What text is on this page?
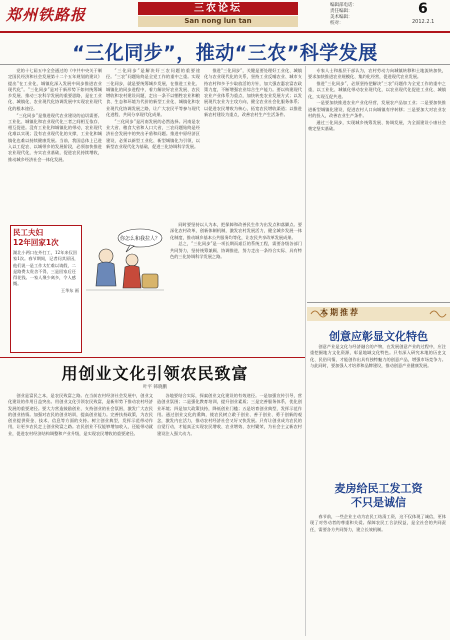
郑州铁路报	三农论坛
San nong lun tan
编辑部电话：
责任编辑：
美术编辑：
校对：
6
2012.2.1
“三化同步”，推动“三农”科学发展

党的十七届五中全会通过的《中共中央关于制定国民经济和社会发展第十二个五年规划的建议》提出“在工业化、城镇化深入发展中同步推进农业现代化”。“三化同步”是对于新形势下如何统筹城乡发展、推动三农科学发展的重要思路，是在工业化、城镇化、农业现代化协调发展中实现农业现代化的根本途径。

“三化同步”是推进现代农业建设的迫切需要。工业化、城镇化和农业现代化三者之间相互依存、相互促进。没有工业化和城镇化的带动，农业现代化难以实现；没有农业现代化的支撑，工业化和城镇化也难以持续健康发展。当前，我国总体上已进入以工促农、以城带乡的发展阶段，必须加快推进农业现代化，夯实农业基础，促进农民持续增收，推动城乡经济社会一体化发展。

“三化同步”是解决好三农问题的重要途径。“三农”问题始终是全党工作的重中之重。实现三化同步，就是要统筹城乡发展，在推进工业化、城镇化的同步进程中，着力解决好农业发展、农民增收和农村建设问题，走出一条不以牺牲农业和粮食、生态和环境为代价的新型工业化、城镇化和农业现代化协调发展之路，让广大农民平等参与现代化进程、共同分享现代化成果。

“三化同步”是河南发展的必然选择。河南是农业大省、粮食大省和人口大省，三农问题始终是经济社会发展中的突出矛盾和问题。推进中原经济区建设，必须以新型工业化、新型城镇化为引领，以新型农业现代化为基础，促进三化协调科学发展。

推进“三化同步”，关键是要处理好工业化、城镇化与农业现代化的关系，坚持工业反哺农业、城市支持农村和多予少取放活的方针，加大强农惠农富农政策力度，不断增强农业综合生产能力。要以构建现代农业产业体系为重点，加快转变农业发展方式；以发展现代农业为主攻方向，健全农业社会化服务体系；以促进农民增收为核心，拓宽农民增收渠道；以推进新农村建设为重点，改善农村生产生活条件。

同时要坚持以人为本，把保障和改善民生作为出发点和落脚点。要深化农村改革，创新体制机制，激发农村发展活力，健全城乡发展一体化制度，推动城乡基本公共服务均等化，让农民共享改革发展成果。

总之，“三化同步”是一项长期而艰巨的系统工程，需要各级各部门共同努力，坚持统筹兼顾、协调推进，努力走出一条符合实际、具有特色的三化协调科学发展之路。

专家人士和基层干部认为，农村劳动力向城镇转移和土地流转加快，要求加快推进农业规模化、集约化经营，促进现代农业发展。

推进“三化同步”，必须坚持把解决“三农”问题作为全党工作的重中之重，以工业化、城镇化带动农业现代化，以农业现代化促进工业化、城镇化，实现互促共进。

一是要加快推进农业产业化经营，发展农产品加工业；二是要加快推进新型城镇化建设，促进农村人口向城镇有序转移；三是要加大对农业农村的投入，改善农业生产条件。

通过三化同步，实现城乡统筹发展、协调发展，为全面建设小康社会奠定坚实基础。

民工夫妇
12年回家1次
湖北小两口在外打工，12年来仅回家1次。春节期间，记者问其原因，他们说一是工作太忙难以请假，二是路费太贵舍不得，三是回家后还得花钱。一家人聚少离多，令人感慨。
王华东 画
你怎么和我拉人？
用创业文化引领农民致富
叶平 韩晓鹏

创业是富民之本，是农民致富之路。在当前农村经济社会发展中，创业文化建设的作用日益突出。用创业文化引领农民致富，是新形势下推动农村经济发展的重要途径。要大力营造鼓励创业、支持创业的社会氛围，激发广大农民的创业热情。加强对农民的创业培训，提高创业能力。完善扶持政策，为农民创业提供资金、技术、信息等方面的支持。树立创业典型，发挥示范带动作用，让更多农民走上创业致富之路。农民创业不仅能够增加收入，还能带动就业，促进农村经济结构调整和产业升级，是实现农民增收的重要途径。

各地要结合实际，探索创业文化建设的有效途径。一是加强宣传引导，营造创业氛围；二是强化教育培训，提升创业素质；三是完善服务体系，优化创业环境；四是加大政策扶持，降低创业门槛；五是培育创业典型，发挥示范作用。通过创业文化的熏陶，使农民树立敢于创业、善于创业、勇于创新的观念，激发内在活力，推动农村经济社会又好又快发展。只有让创业成为农民的自觉行动，才能真正实现农民增收、农业增效、农村繁荣，为社会主义新农村建设注入强大动力。

本期推荐
创意应彰显文化特色

创意产业是文化与经济融合的产物，在发展创意产业的过程中，应注重挖掘地方文化资源，彰显地域文化特色。只有深入研究本地的历史文化、民俗风情，才能创作出具有独特魅力的创意产品，增强市场竞争力。与此同时，要加强人才培养和品牌建设，推动创意产业健康发展。

麦房给民工发工资
不只是诚信

春节前，一些企业主动为农民工结清工资，这不仅体现了诚信，更体现了对劳动者的尊重和关爱。保障农民工合法权益，是全社会的共同责任，需要各方共同努力，建立长效机制。
